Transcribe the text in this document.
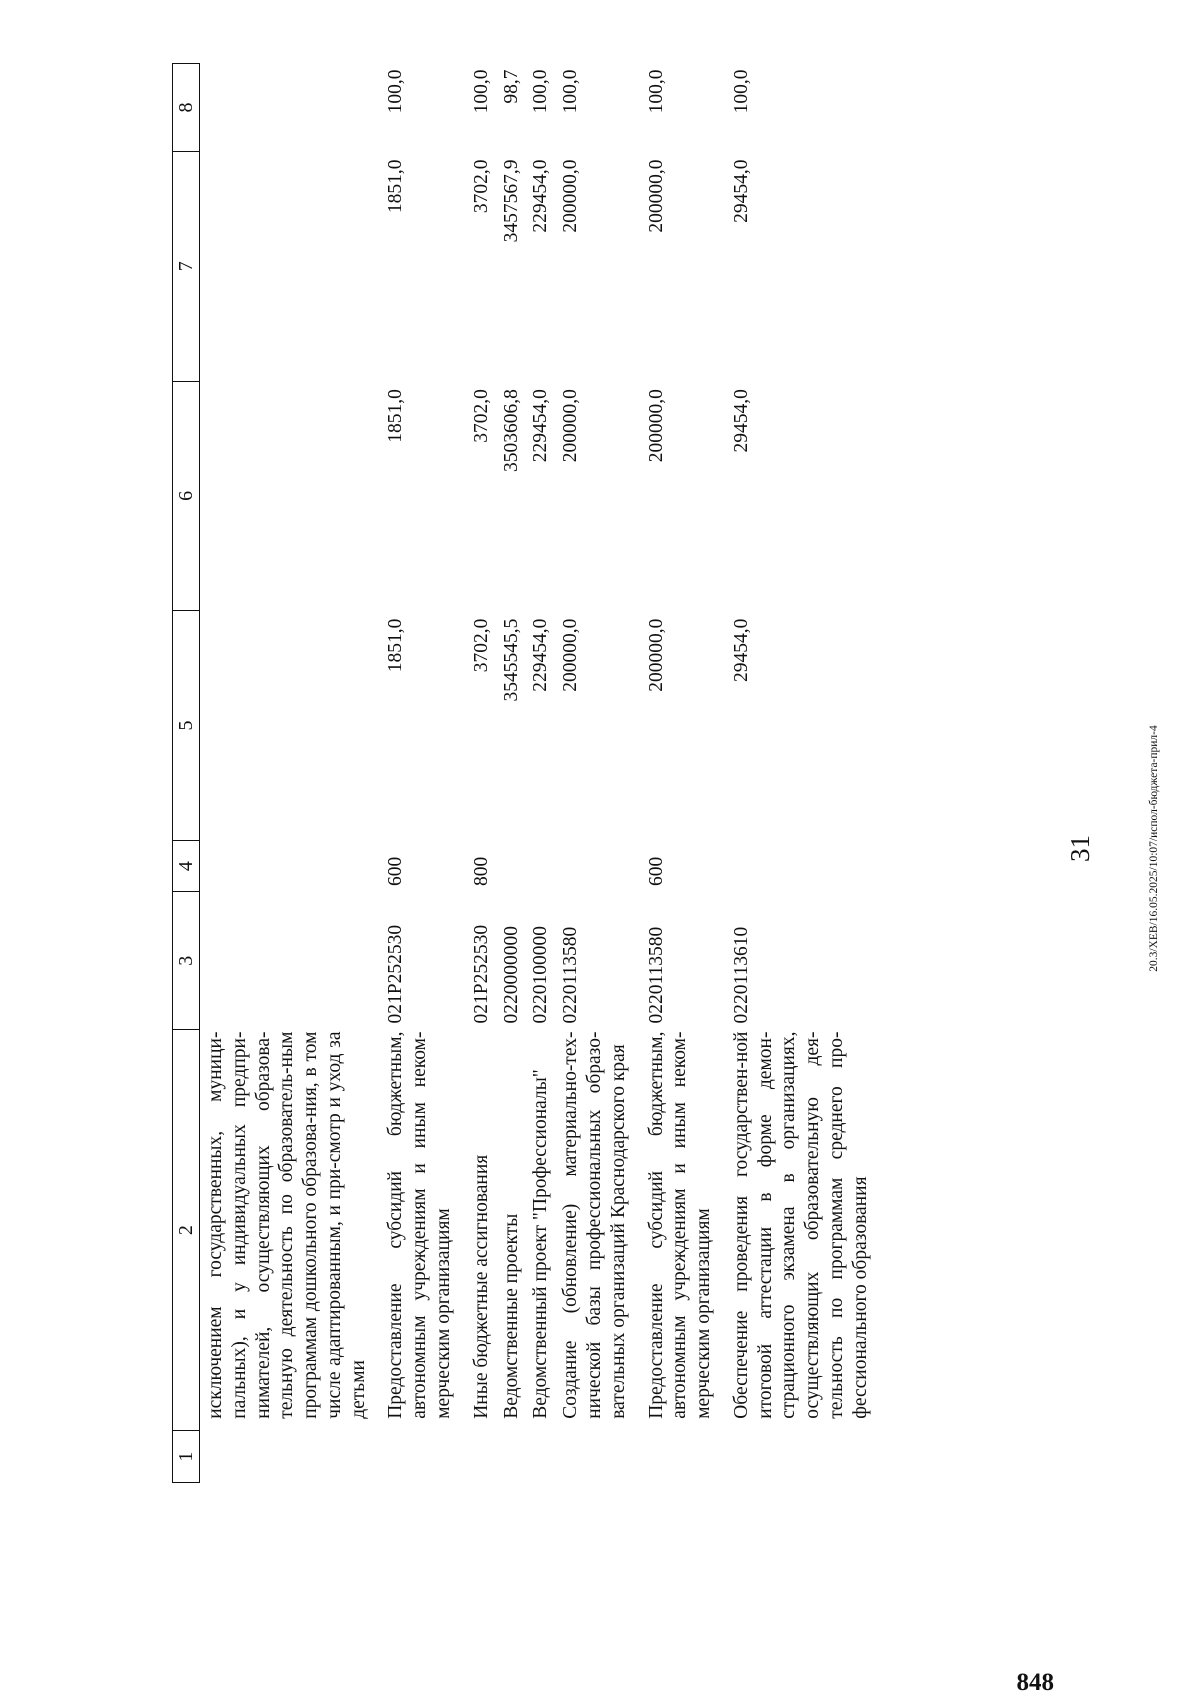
31
1	2	3	4	5	6	7	8
	исключением государственных, муници-пальных), и у индивидуальных предпри-нимателей, осуществляющих образова-тельную деятельность по образователь-ным программам дошкольного образова-ния, в том числе адаптированным, и при-смотр и уход за детьми						
	Предоставление субсидий бюджетным, автономным учреждениям и иным неком-мерческим организациям	021Р252530	600	1851,0	1851,0	1851,0	100,0
	Иные бюджетные ассигнования	021Р252530	800	3702,0	3702,0	3702,0	100,0
	Ведомственные проекты	0220000000		3545545,5	3503606,8	3457567,9	98,7
	Ведомственный проект "Профессионалы"	0220100000		229454,0	229454,0	229454,0	100,0
	Создание (обновление) материально-тех-нической базы профессиональных образо-вательных организаций Краснодарского края	0220113580		200000,0	200000,0	200000,0	100,0
	Предоставление субсидий бюджетным, автономным учреждениям и иным неком-мерческим организациям	0220113580	600	200000,0	200000,0	200000,0	100,0
	Обеспечение проведения государствен-ной итоговой аттестации в форме демон-страционного экзамена в организациях, осуществляющих образовательную дея-тельность по программам среднего про-фессионального образования	0220113610		29454,0	29454,0	29454,0	100,0
20.3/XEB/16.05.2025/10:07/испол-бюджета-прил-4
848
